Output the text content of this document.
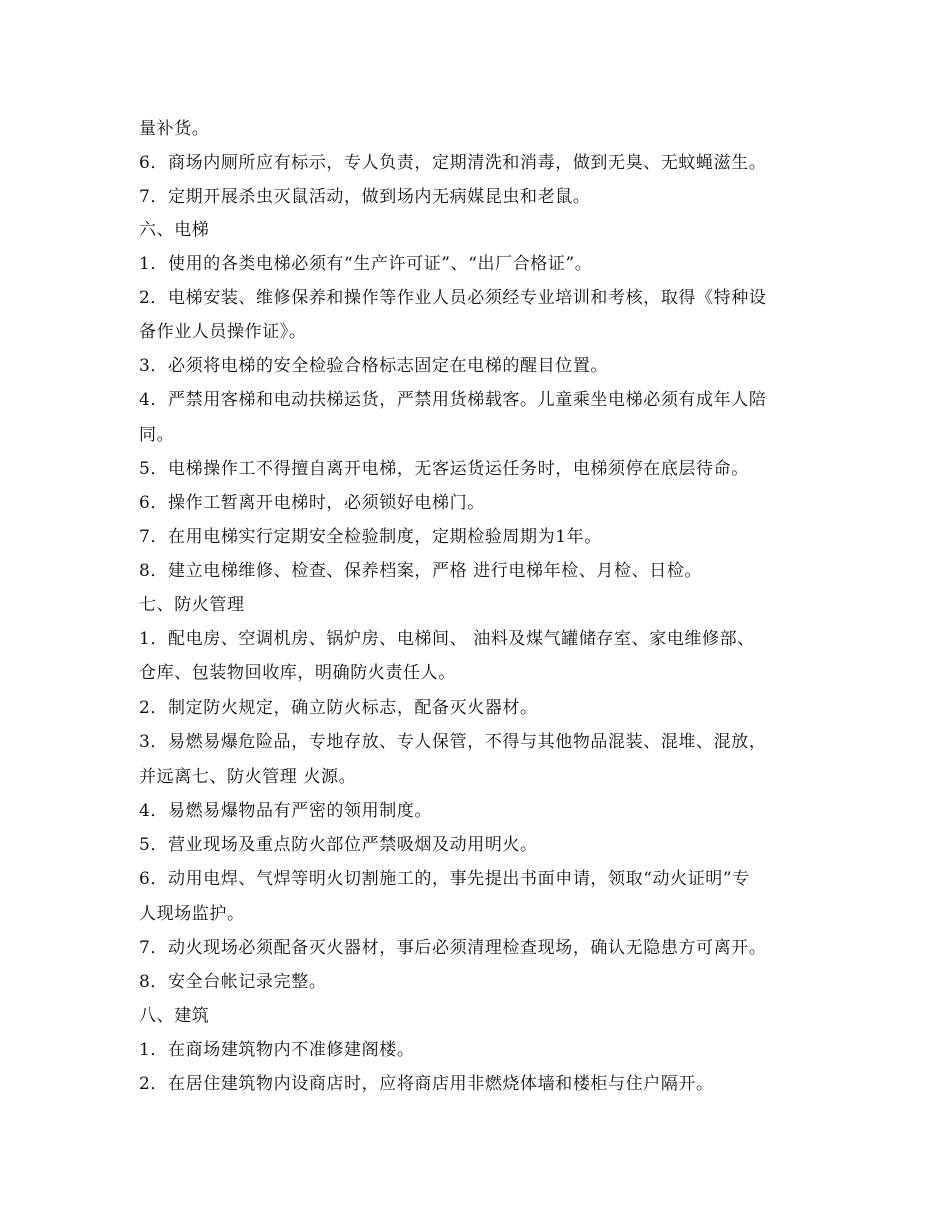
量补货。
6．商场内厕所应有标示，专人负责，定期清洗和消毒，做到无臭、无蚊蝇滋生。
7．定期开展杀虫灭鼠活动，做到场内无病媒昆虫和老鼠。
六、电梯
1．使用的各类电梯必须有“生产许可证”、“出厂合格证”。
2．电梯安装、维修保养和操作等作业人员必须经专业培训和考核，取得《特种设
备作业人员操作证》。
3．必须将电梯的安全检验合格标志固定在电梯的醒目位置。
4．严禁用客梯和电动扶梯运货，严禁用货梯载客。儿童乘坐电梯必须有成年人陪
同。
5．电梯操作工不得擅自离开电梯，无客运货运任务时，电梯须停在底层待命。
6．操作工暂离开电梯时，必须锁好电梯门。
7．在用电梯实行定期安全检验制度，定期检验周期为1年。
8．建立电梯维修、检查、保养档案，严格 进行电梯年检、月检、日检。
七、防火管理
1．配电房、空调机房、锅炉房、电梯间、 油料及煤气罐储存室、家电维修部、
仓库、包装物回收库，明确防火责任人。
2．制定防火规定，确立防火标志，配备灭火器材。
3．易燃易爆危险品，专地存放、专人保管，不得与其他物品混装、混堆、混放，
并远离七、防火管理 火源。
4．易燃易爆物品有严密的领用制度。
5．营业现场及重点防火部位严禁吸烟及动用明火。
6．动用电焊、气焊等明火切割施工的，事先提出书面申请，领取“动火证明”专
人现场监护。
7．动火现场必须配备灭火器材，事后必须清理检查现场，确认无隐患方可离开。
8．安全台帐记录完整。
八、建筑
1．在商场建筑物内不准修建阁楼。
2．在居住建筑物内设商店时，应将商店用非燃烧体墙和楼柜与住户隔开。
